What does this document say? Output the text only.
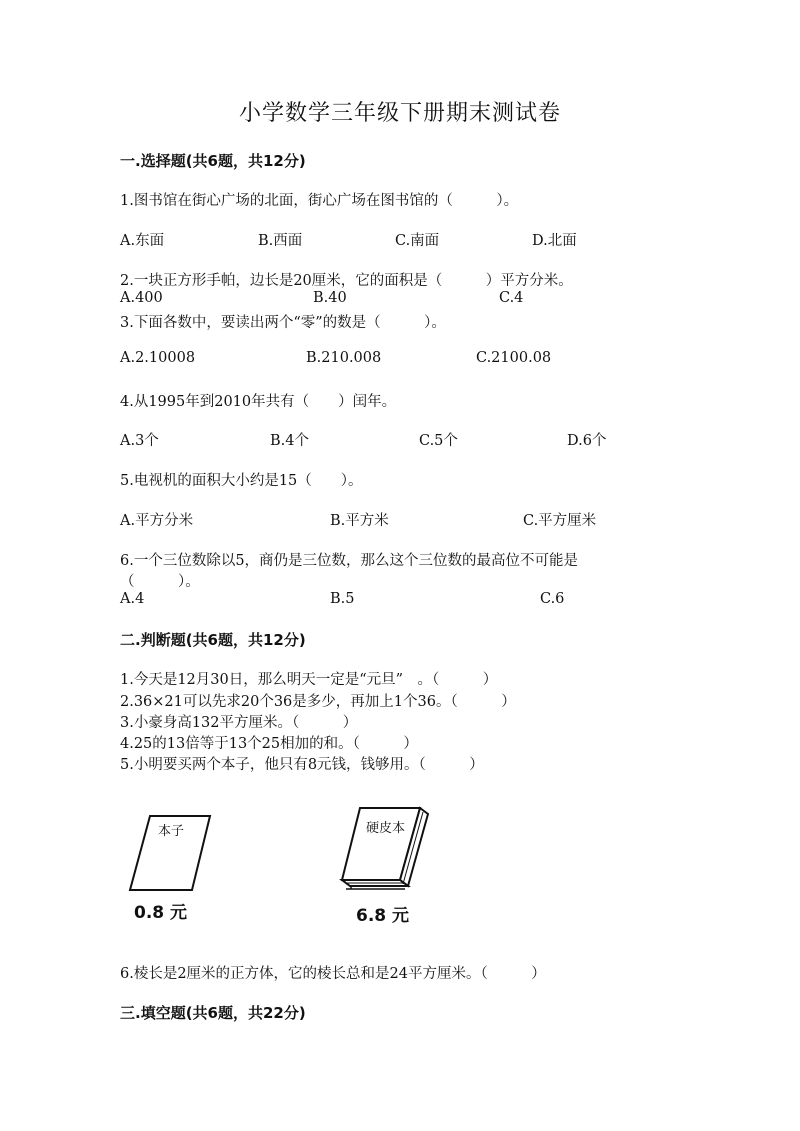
小学数学三年级下册期末测试卷
一.选择题(共6题，共12分)
1.图书馆在街心广场的北面，街心广场在图书馆的（　　　）。
A.东面	B.西面	C.南面	D.北面
2.一块正方形手帕，边长是20厘米，它的面积是（　　　）平方分米。
A.400	B.40	C.4
3.下面各数中，要读出两个“零”的数是（　　　）。
A.2.10008	B.210.008	C.2100.08
4.从1995年到2010年共有（　　）闰年。
A.3个	B.4个	C.5个	D.6个
5.电视机的面积大小约是15（　　）。
A.平方分米	B.平方米	C.平方厘米
6.一个三位数除以5，商仍是三位数，那么这个三位数的最高位不可能是
（　　　）。
A.4	B.5	C.6
二.判断题(共6题，共12分)
1.今天是12月30日，那么明天一定是“元旦”　。（　　　）
2.36×21可以先求20个36是多少，再加上1个36。（　　　）
3.小豪身高132平方厘米。（　　　）
4.25的13倍等于13个25相加的和。（　　　）
5.小明要买两个本子，他只有8元钱，钱够用。（　　　）
本子
0.8 元
硬皮本
6.8 元
6.棱长是2厘米的正方体，它的棱长总和是24平方厘米。（　　　）
三.填空题(共6题，共22分)
